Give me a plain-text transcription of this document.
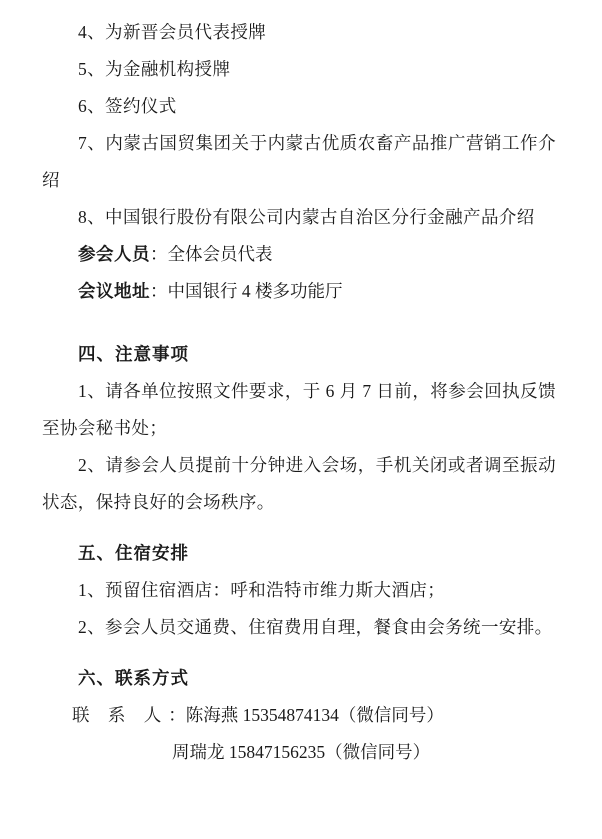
4、为新晋会员代表授牌

5、为金融机构授牌

6、签约仪式

7、内蒙古国贸集团关于内蒙古优质农畜产品推广营销工作介绍

8、中国银行股份有限公司内蒙古自治区分行金融产品介绍

参会人员：全体会员代表

会议地址：中国银行 4 楼多功能厅

四、注意事项

1、请各单位按照文件要求，于 6 月 7 日前，将参会回执反馈至协会秘书处；

2、请参会人员提前十分钟进入会场，手机关闭或者调至振动状态，保持良好的会场秩序。

五、住宿安排

1、预留住宿酒店：呼和浩特市维力斯大酒店；

2、参会人员交通费、住宿费用自理，餐食由会务统一安排。

六、联系方式

联 系 人：陈海燕 15354874134（微信同号）

周瑞龙 15847156235（微信同号）
